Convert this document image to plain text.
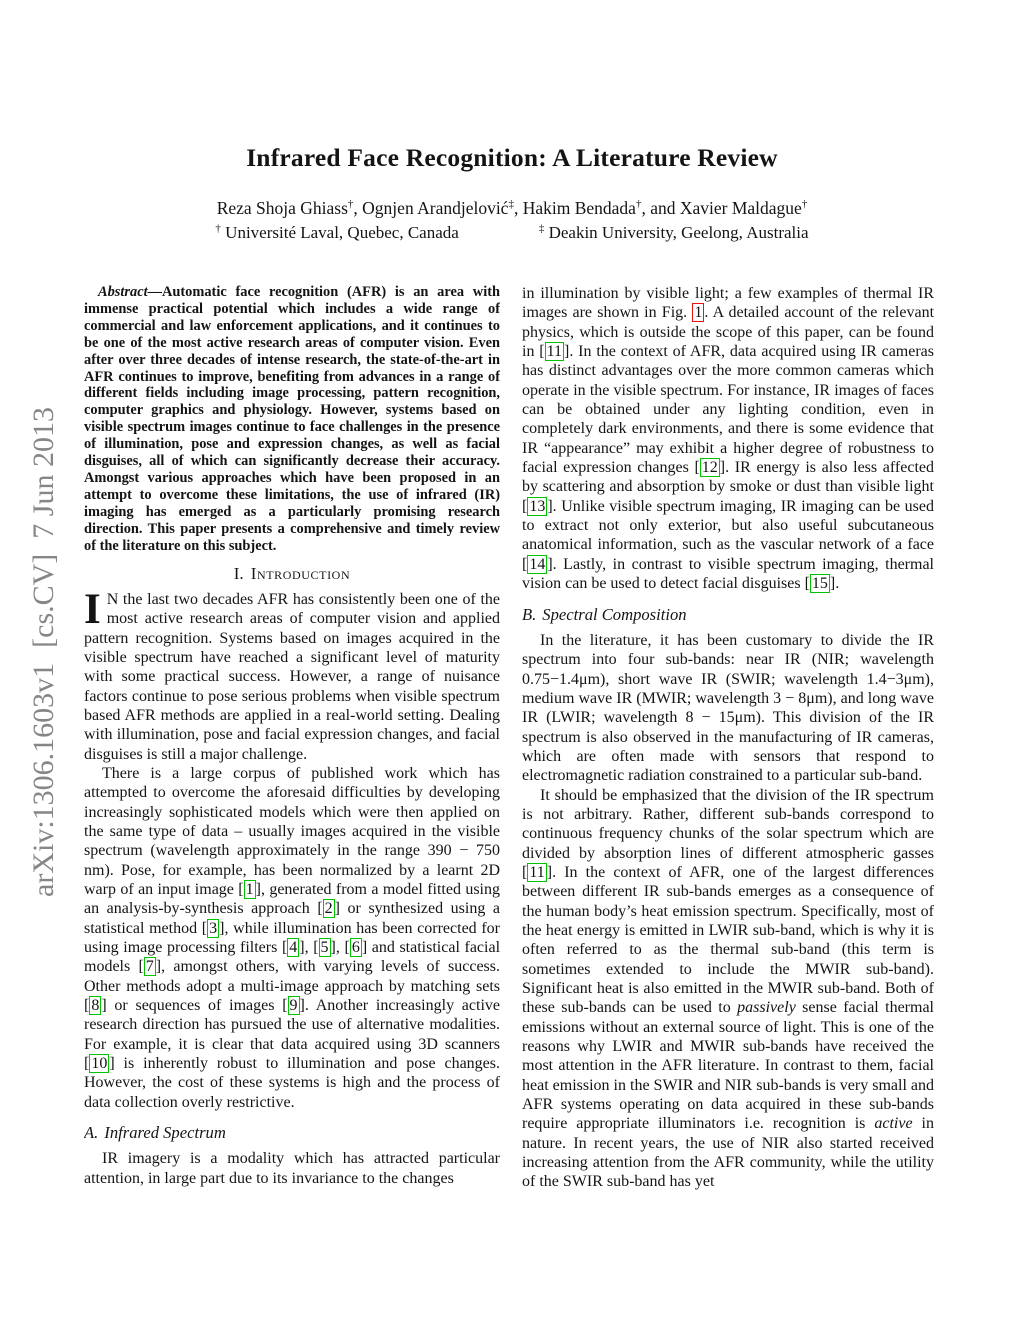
arXiv:1306.1603v1  [cs.CV]  7 Jun 2013
Infrared Face Recognition: A Literature Review
Reza Shoja Ghiass†, Ognjen Arandjelović‡, Hakim Bendada†, and Xavier Maldague†
† Université Laval, Quebec, Canada	‡ Deakin University, Geelong, Australia

Abstract—Automatic face recognition (AFR) is an area with immense practical potential which includes a wide range of commercial and law enforcement applications, and it continues to be one of the most active research areas of computer vision. Even after over three decades of intense research, the state-of-the-art in AFR continues to improve, benefiting from advances in a range of different fields including image processing, pattern recognition, computer graphics and physiology. However, systems based on visible spectrum images continue to face challenges in the presence of illumination, pose and expression changes, as well as facial disguises, all of which can significantly decrease their accuracy. Amongst various approaches which have been proposed in an attempt to overcome these limitations, the use of infrared (IR) imaging has emerged as a particularly promising research direction. This paper presents a comprehensive and timely review of the literature on this subject.

I. Introduction

I N the last two decades AFR has consistently been one of the most active research areas of computer vision and applied pattern recognition. Systems based on images acquired in the visible spectrum have reached a significant level of maturity with some practical success. However, a range of nuisance factors continue to pose serious problems when visible spectrum based AFR methods are applied in a real-world setting. Dealing with illumination, pose and facial expression changes, and facial disguises is still a major challenge.

There is a large corpus of published work which has attempted to overcome the aforesaid difficulties by developing increasingly sophisticated models which were then applied on the same type of data – usually images acquired in the visible spectrum (wavelength approximately in the range 390 − 750 nm). Pose, for example, has been normalized by a learnt 2D warp of an input image [ 1 ], generated from a model fitted using an analysis-by-synthesis approach [ 2 ] or synthesized using a statistical method [ 3 ], while illumination has been corrected for using image processing filters [ 4 ], [ 5 ], [ 6 ] and statistical facial models [ 7 ], amongst others, with varying levels of success. Other methods adopt a multi-image approach by matching sets [ 8 ] or sequences of images [ 9 ]. Another increasingly active research direction has pursued the use of alternative modalities. For example, it is clear that data acquired using 3D scanners [ 10 ] is inherently robust to illumination and pose changes. However, the cost of these systems is high and the process of data collection overly restrictive.

A. Infrared Spectrum

IR imagery is a modality which has attracted particular attention, in large part due to its invariance to the changes

in illumination by visible light; a few examples of thermal IR images are shown in Fig. 1 . A detailed account of the relevant physics, which is outside the scope of this paper, can be found in [ 11 ]. In the context of AFR, data acquired using IR cameras has distinct advantages over the more common cameras which operate in the visible spectrum. For instance, IR images of faces can be obtained under any lighting condition, even in completely dark environments, and there is some evidence that IR “appearance” may exhibit a higher degree of robustness to facial expression changes [ 12 ]. IR energy is also less affected by scattering and absorption by smoke or dust than visible light [ 13 ]. Unlike visible spectrum imaging, IR imaging can be used to extract not only exterior, but also useful subcutaneous anatomical information, such as the vascular network of a face [ 14 ]. Lastly, in contrast to visible spectrum imaging, thermal vision can be used to detect facial disguises [ 15 ].

B. Spectral Composition

In the literature, it has been customary to divide the IR spectrum into four sub-bands: near IR (NIR; wavelength 0.75−1.4μm), short wave IR (SWIR; wavelength 1.4−3μm), medium wave IR (MWIR; wavelength 3 − 8μm), and long wave IR (LWIR; wavelength 8 − 15μm). This division of the IR spectrum is also observed in the manufacturing of IR cameras, which are often made with sensors that respond to electromagnetic radiation constrained to a particular sub-band.

It should be emphasized that the division of the IR spectrum is not arbitrary. Rather, different sub-bands correspond to continuous frequency chunks of the solar spectrum which are divided by absorption lines of different atmospheric gasses [ 11 ]. In the context of AFR, one of the largest differences between different IR sub-bands emerges as a consequence of the human body’s heat emission spectrum. Specifically, most of the heat energy is emitted in LWIR sub-band, which is why it is often referred to as the thermal sub-band (this term is sometimes extended to include the MWIR sub-band). Significant heat is also emitted in the MWIR sub-band. Both of these sub-bands can be used to passively sense facial thermal emissions without an external source of light. This is one of the reasons why LWIR and MWIR sub-bands have received the most attention in the AFR literature. In contrast to them, facial heat emission in the SWIR and NIR sub-bands is very small and AFR systems operating on data acquired in these sub-bands require appropriate illuminators i.e. recognition is active in nature. In recent years, the use of NIR also started received increasing attention from the AFR community, while the utility of the SWIR sub-band has yet
